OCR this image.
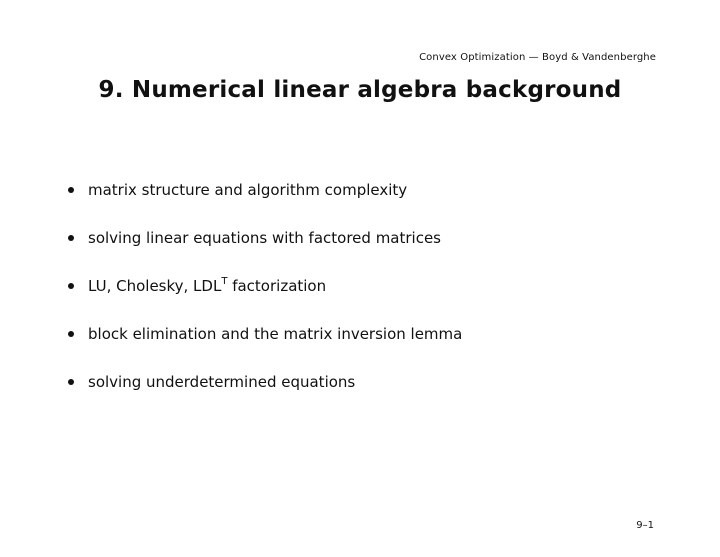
Convex Optimization — Boyd & Vandenberghe
9. Numerical linear algebra background
matrix structure and algorithm complexity
solving linear equations with factored matrices
LU, Cholesky, $LDL^T$ factorization
block elimination and the matrix inversion lemma
solving underdetermined equations
9–1
